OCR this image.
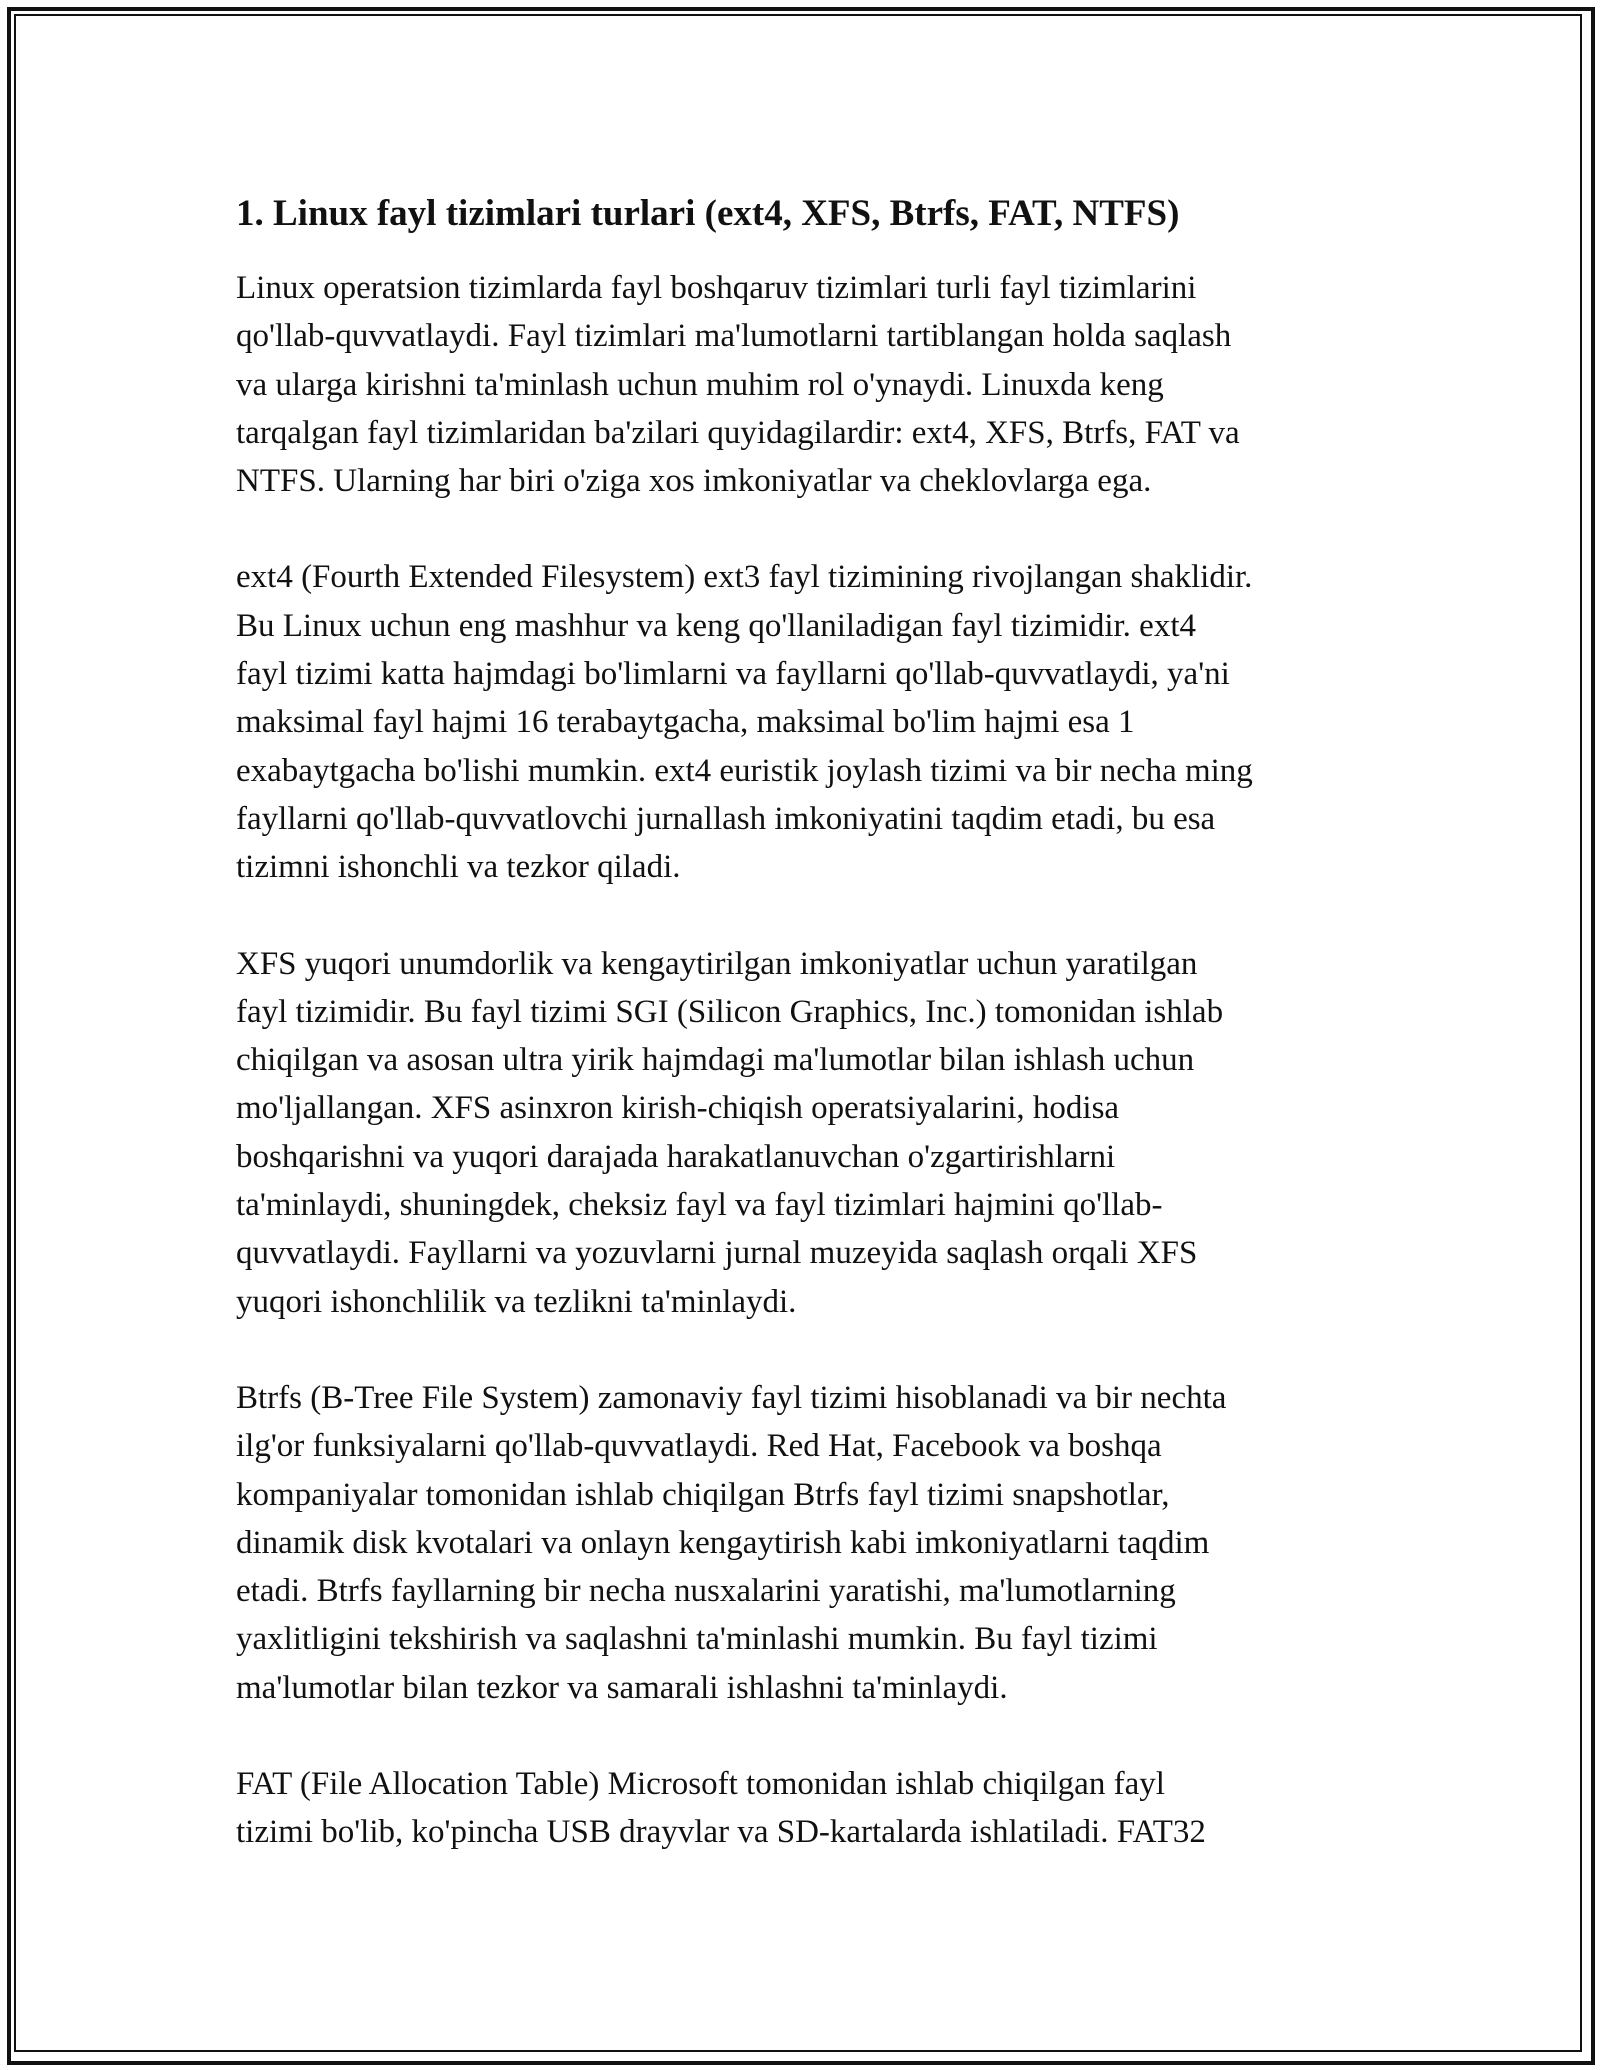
1. Linux fayl tizimlari turlari (ext4, XFS, Btrfs, FAT, NTFS)

Linux operatsion tizimlarda fayl boshqaruv tizimlari turli fayl tizimlarini
qo'llab-quvvatlaydi. Fayl tizimlari ma'lumotlarni tartiblangan holda saqlash
va ularga kirishni ta'minlash uchun muhim rol o'ynaydi. Linuxda keng
tarqalgan fayl tizimlaridan ba'zilari quyidagilardir: ext4, XFS, Btrfs, FAT va
NTFS. Ularning har biri o'ziga xos imkoniyatlar va cheklovlarga ega.

ext4 (Fourth Extended Filesystem) ext3 fayl tizimining rivojlangan shaklidir.
Bu Linux uchun eng mashhur va keng qo'llaniladigan fayl tizimidir. ext4
fayl tizimi katta hajmdagi bo'limlarni va fayllarni qo'llab-quvvatlaydi, ya'ni
maksimal fayl hajmi 16 terabaytgacha, maksimal bo'lim hajmi esa 1
exabaytgacha bo'lishi mumkin. ext4 euristik joylash tizimi va bir necha ming
fayllarni qo'llab-quvvatlovchi jurnallash imkoniyatini taqdim etadi, bu esa
tizimni ishonchli va tezkor qiladi.

XFS yuqori unumdorlik va kengaytirilgan imkoniyatlar uchun yaratilgan
fayl tizimidir. Bu fayl tizimi SGI (Silicon Graphics, Inc.) tomonidan ishlab
chiqilgan va asosan ultra yirik hajmdagi ma'lumotlar bilan ishlash uchun
mo'ljallangan. XFS asinxron kirish-chiqish operatsiyalarini, hodisa
boshqarishni va yuqori darajada harakatlanuvchan o'zgartirishlarni
ta'minlaydi, shuningdek, cheksiz fayl va fayl tizimlari hajmini qo'llab-
quvvatlaydi. Fayllarni va yozuvlarni jurnal muzeyida saqlash orqali XFS
yuqori ishonchlilik va tezlikni ta'minlaydi.

Btrfs (B-Tree File System) zamonaviy fayl tizimi hisoblanadi va bir nechta
ilg'or funksiyalarni qo'llab-quvvatlaydi. Red Hat, Facebook va boshqa
kompaniyalar tomonidan ishlab chiqilgan Btrfs fayl tizimi snapshotlar,
dinamik disk kvotalari va onlayn kengaytirish kabi imkoniyatlarni taqdim
etadi. Btrfs fayllarning bir necha nusxalarini yaratishi, ma'lumotlarning
yaxlitligini tekshirish va saqlashni ta'minlashi mumkin. Bu fayl tizimi
ma'lumotlar bilan tezkor va samarali ishlashni ta'minlaydi.

FAT (File Allocation Table) Microsoft tomonidan ishlab chiqilgan fayl
tizimi bo'lib, ko'pincha USB drayvlar va SD-kartalarda ishlatiladi. FAT32
